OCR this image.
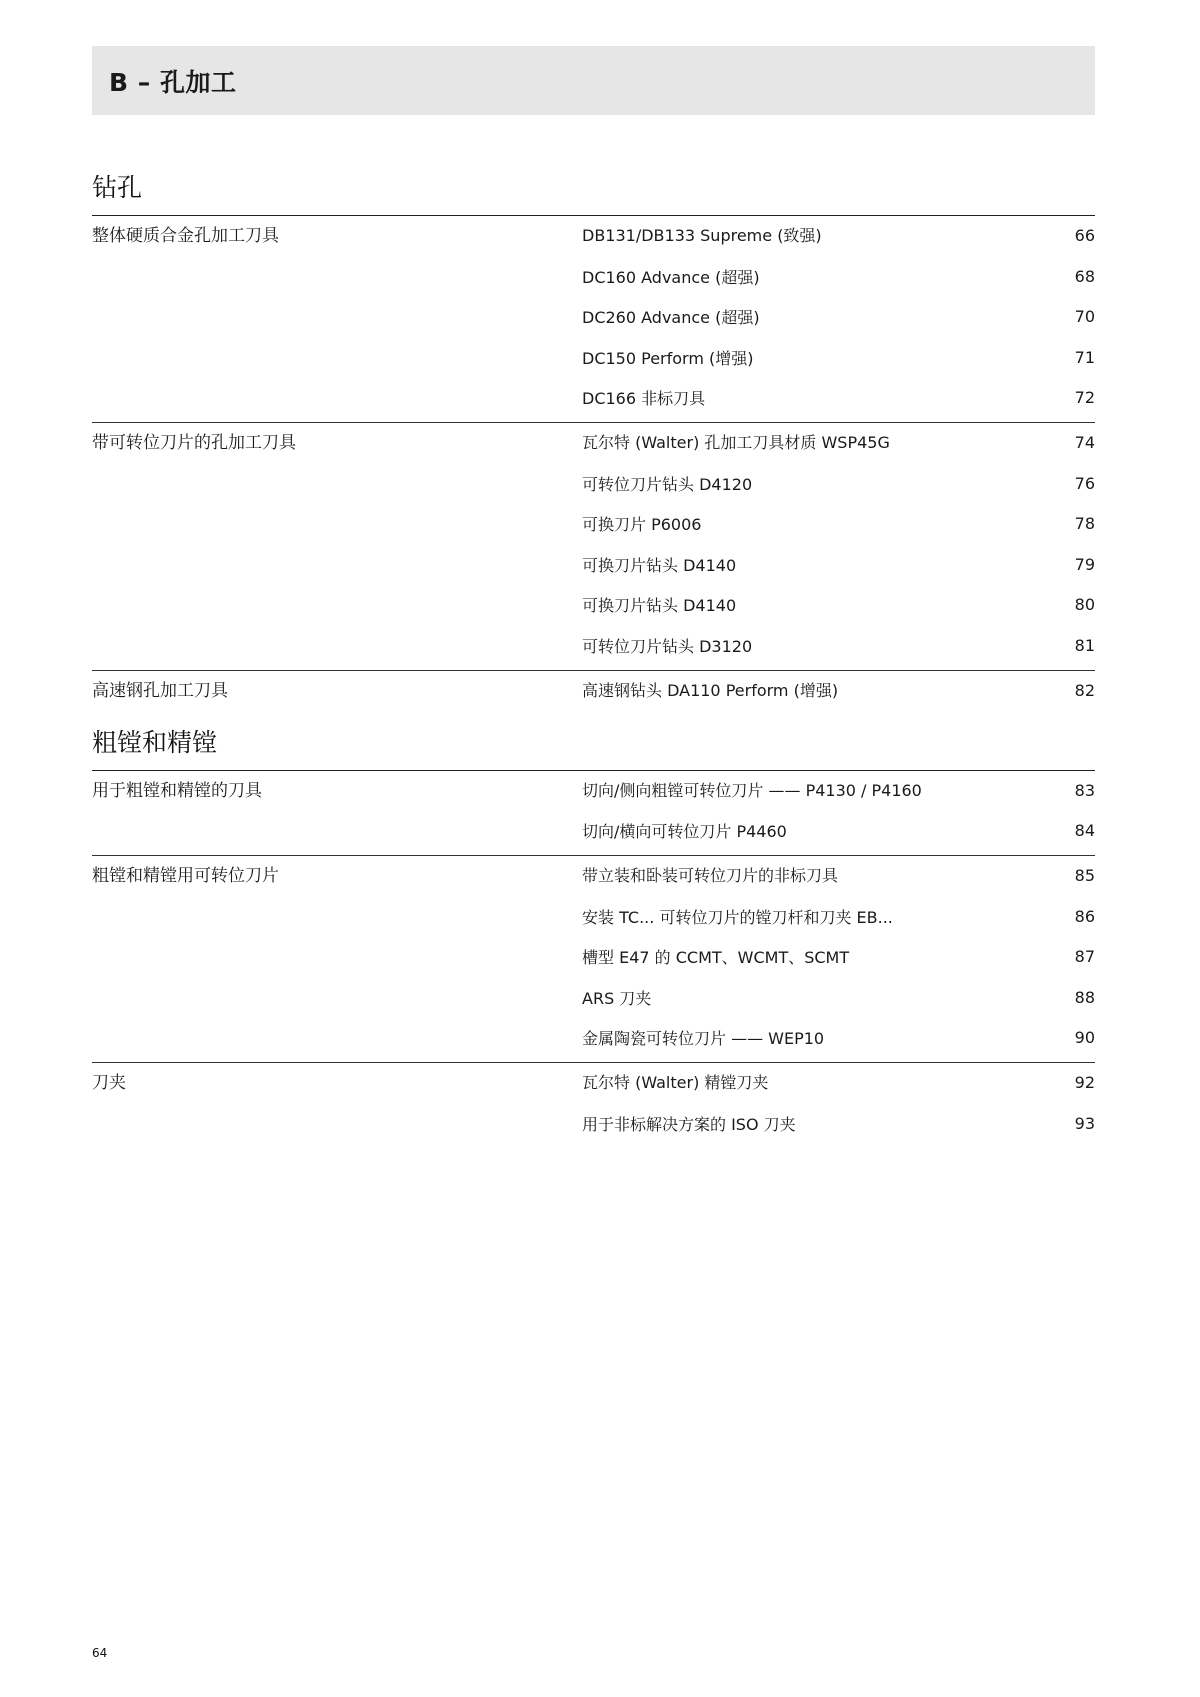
B – 孔加工
钻孔
整体硬质合金孔加工刀具	DB131/DB133 Supreme (致强)	66
DC160 Advance (超强)	68
DC260 Advance (超强)	70
DC150 Perform (增强)	71
DC166 非标刀具	72
带可转位刀片的孔加工刀具	瓦尔特 (Walter) 孔加工刀具材质 WSP45G	74
可转位刀片钻头 D4120	76
可换刀片 P6006	78
可换刀片钻头 D4140	79
可换刀片钻头 D4140	80
可转位刀片钻头 D3120	81
高速钢孔加工刀具	高速钢钻头 DA110 Perform (增强)	82
粗镗和精镗
用于粗镗和精镗的刀具	切向/侧向粗镗可转位刀片 —— P4130 / P4160	83
切向/横向可转位刀片 P4460	84
粗镗和精镗用可转位刀片	带立装和卧装可转位刀片的非标刀具	85
安装 TC... 可转位刀片的镗刀杆和刀夹 EB...	86
槽型 E47 的 CCMT、WCMT、SCMT	87
ARS 刀夹	88
金属陶瓷可转位刀片 —— WEP10	90
刀夹	瓦尔特 (Walter) 精镗刀夹	92
用于非标解决方案的 ISO 刀夹	93
64
